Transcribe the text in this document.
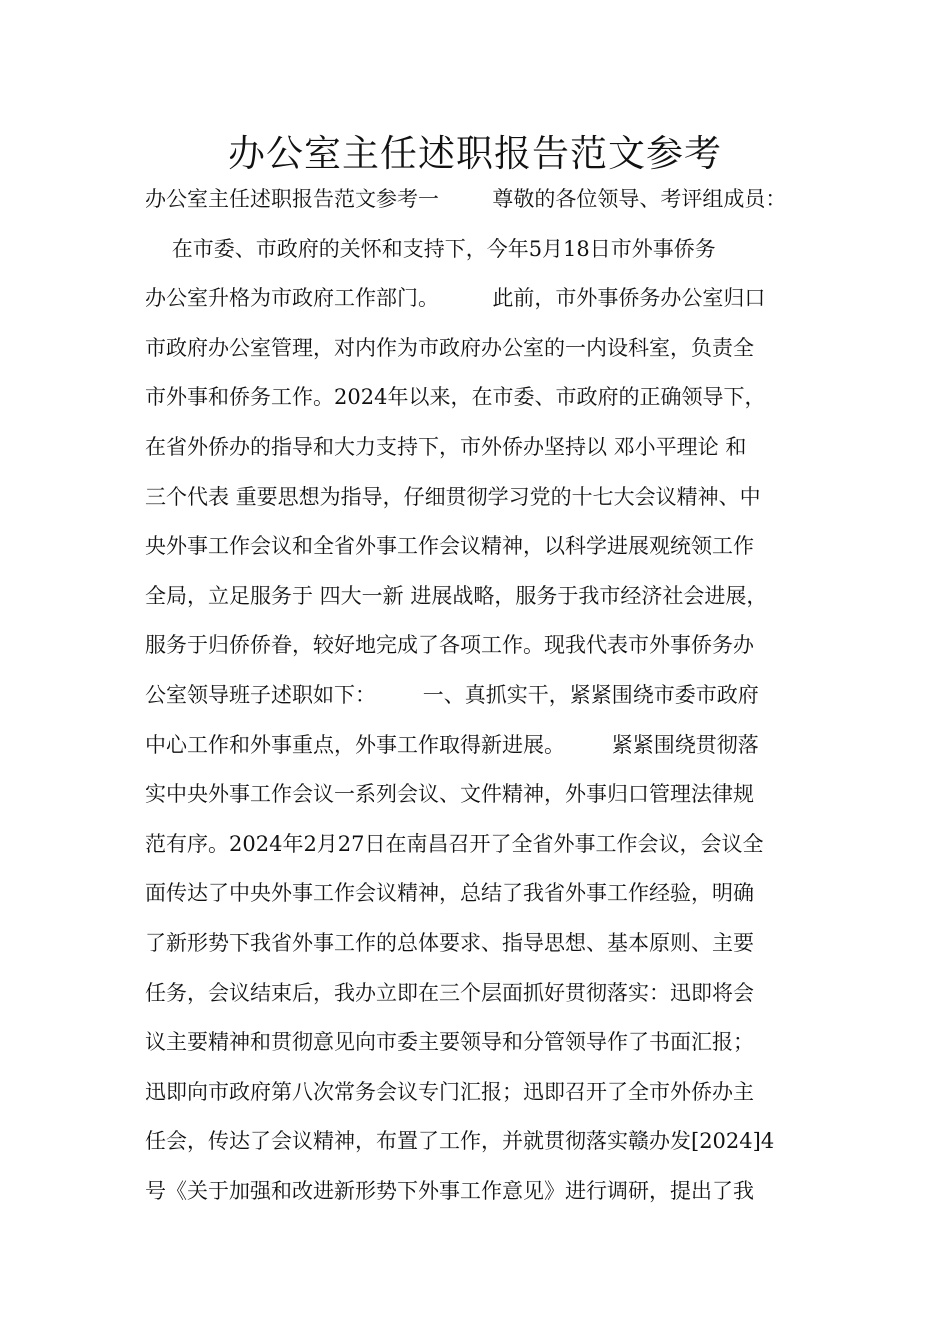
办公室主任述职报告范文参考
办公室主任述职报告范文参考一        尊敬的各位领导、考评组成员：
在市委、市政府的关怀和支持下，今年5月18日市外事侨务
办公室升格为市政府工作部门。        此前，市外事侨务办公室归口
市政府办公室管理，对内作为市政府办公室的一内设科室，负责全
市外事和侨务工作。2024年以来，在市委、市政府的正确领导下，
在省外侨办的指导和大力支持下，市外侨办坚持以 邓小平理论 和
三个代表 重要思想为指导，仔细贯彻学习党的十七大会议精神、中
央外事工作会议和全省外事工作会议精神，以科学进展观统领工作
全局，立足服务于 四大一新 进展战略，服务于我市经济社会进展，
服务于归侨侨眷，较好地完成了各项工作。现我代表市外事侨务办
公室领导班子述职如下：       一、真抓实干，紧紧围绕市委市政府
中心工作和外事重点，外事工作取得新进展。       紧紧围绕贯彻落
实中央外事工作会议一系列会议、文件精神，外事归口管理法律规
范有序。2024年2月27日在南昌召开了全省外事工作会议，会议全
面传达了中央外事工作会议精神，总结了我省外事工作经验，明确
了新形势下我省外事工作的总体要求、指导思想、基本原则、主要
任务，会议结束后，我办立即在三个层面抓好贯彻落实：迅即将会
议主要精神和贯彻意见向市委主要领导和分管领导作了书面汇报；
迅即向市政府第八次常务会议专门汇报；迅即召开了全市外侨办主
任会，传达了会议精神，布置了工作，并就贯彻落实赣办发[2024]4
号《关于加强和改进新形势下外事工作意见》进行调研，提出了我
